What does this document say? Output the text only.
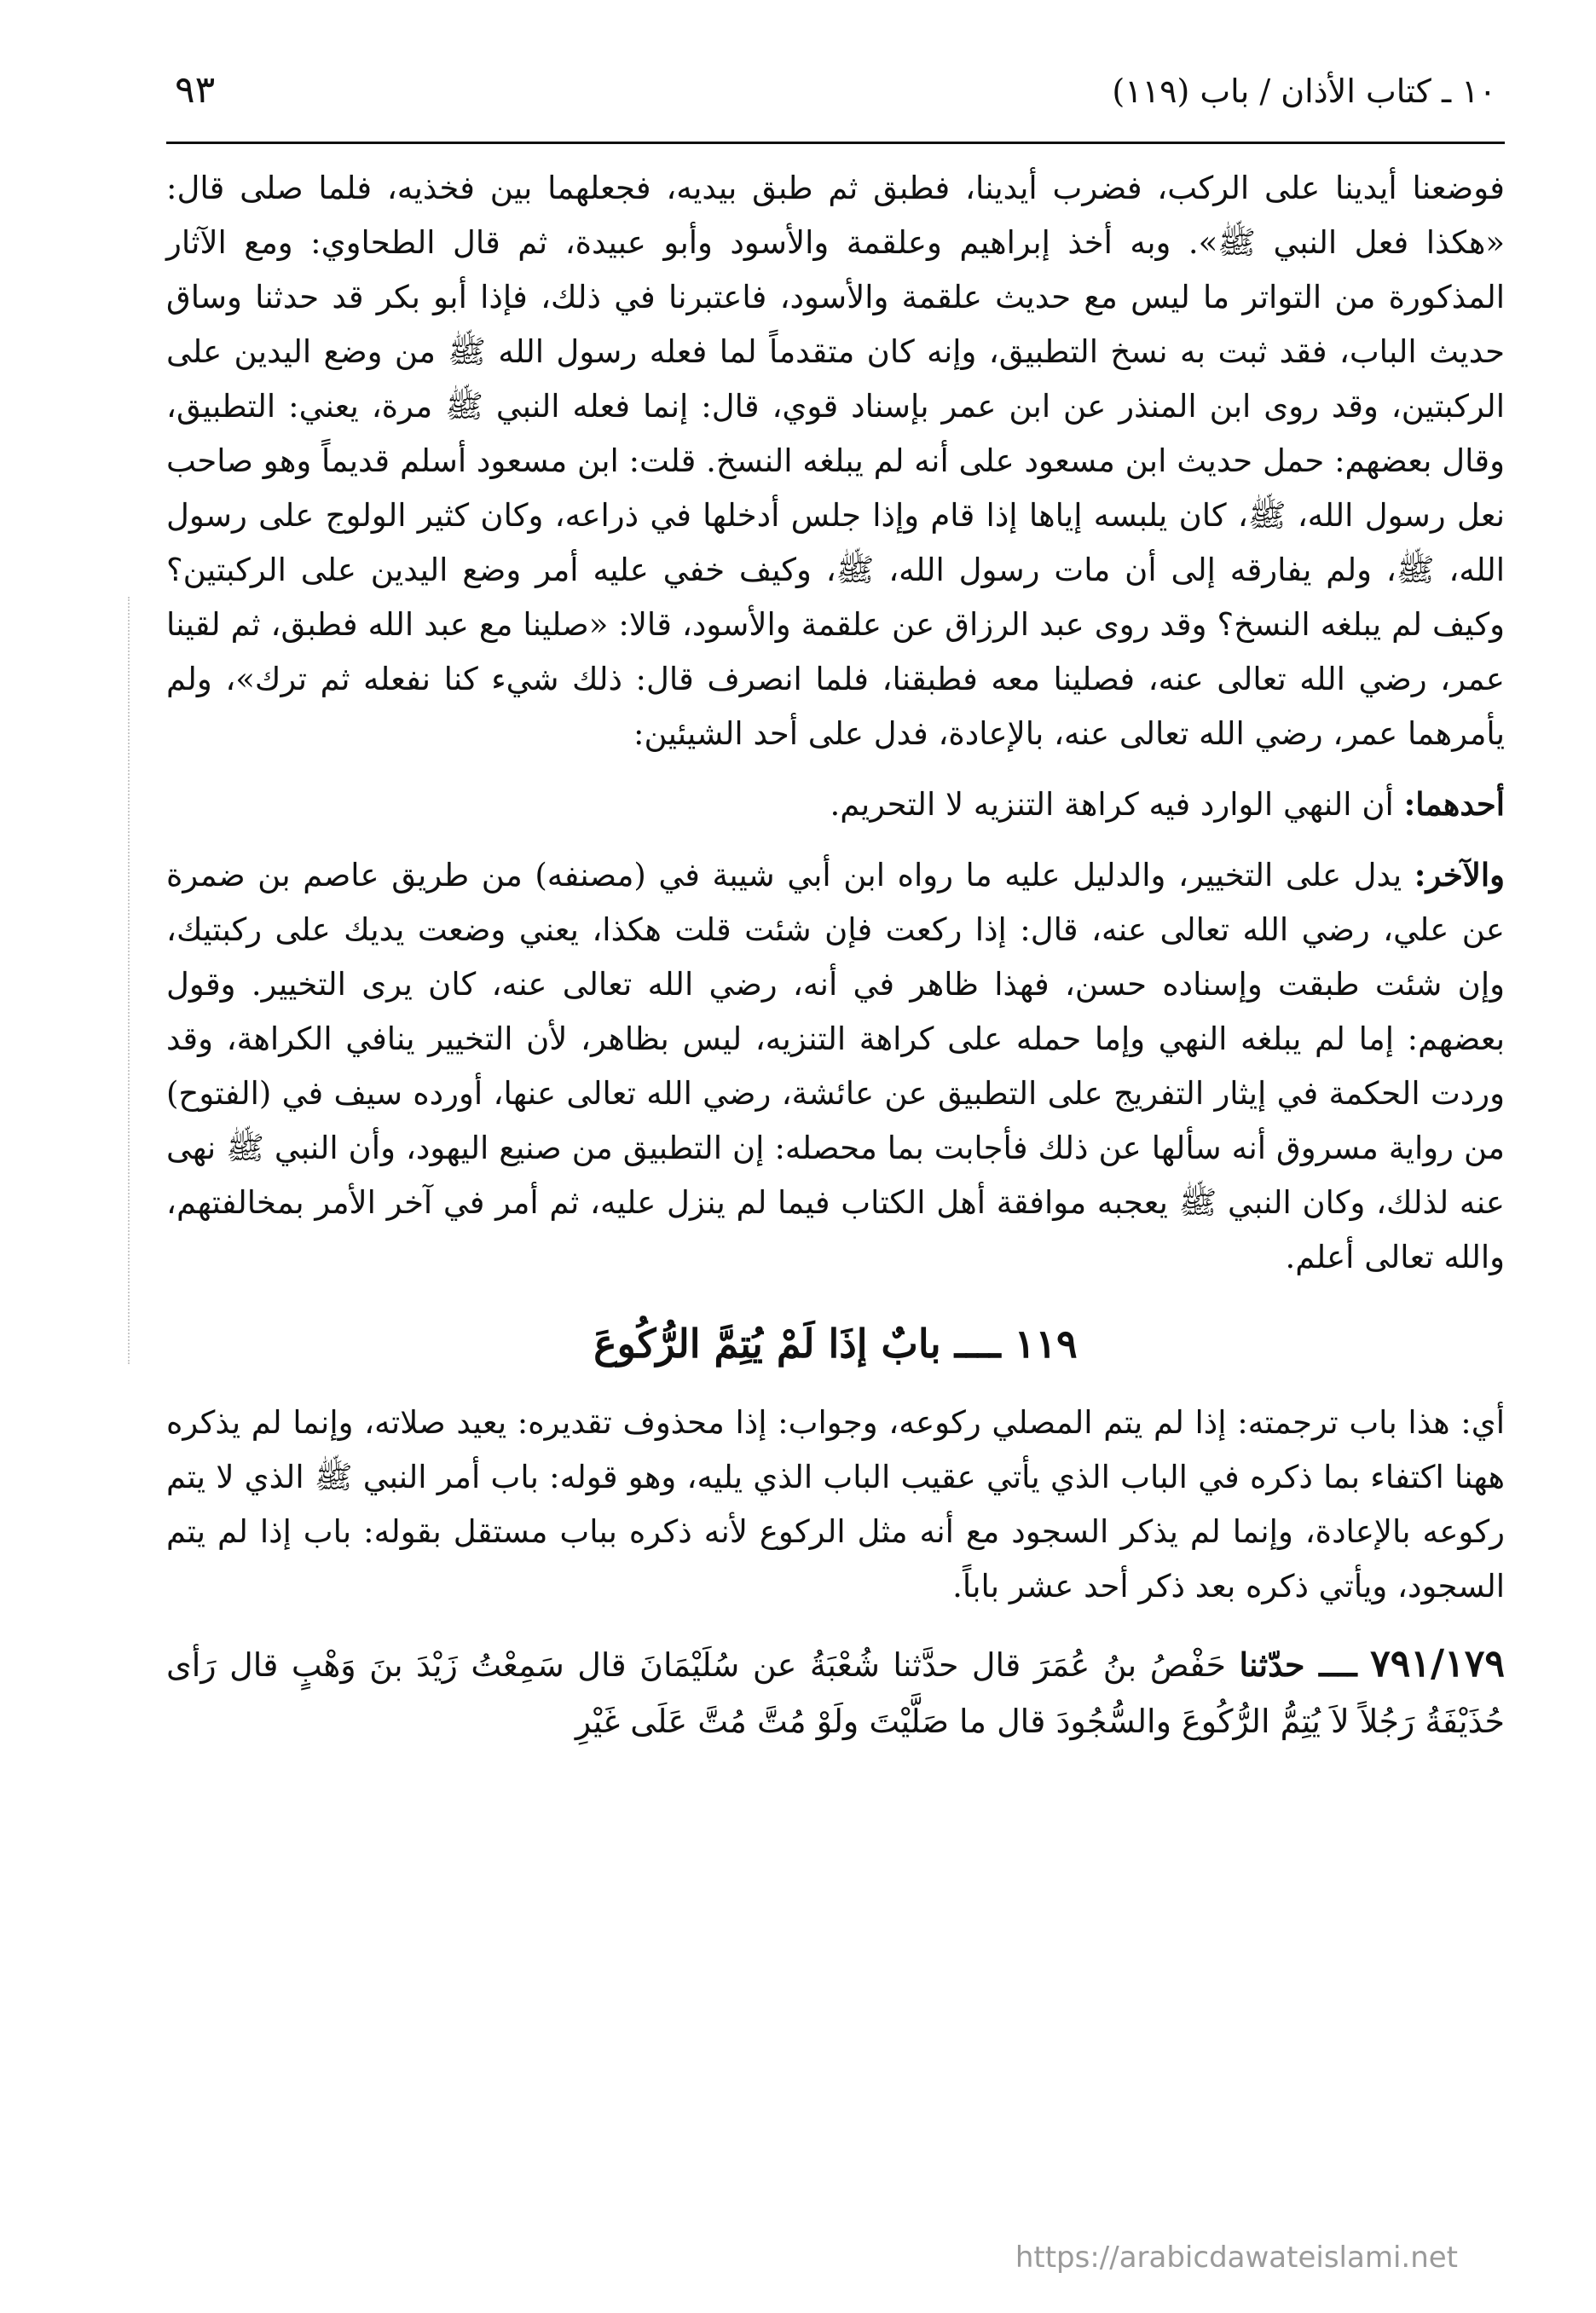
١٠ ـ كتاب الأذان / باب (١١٩)
٩٣

فوضعنا أيدينا على الركب، فضرب أيدينا، فطبق ثم طبق بيديه، فجعلهما بين فخذيه، فلما صلى قال: «هكذا فعل النبي ﷺ». وبه أخذ إبراهيم وعلقمة والأسود وأبو عبيدة، ثم قال الطحاوي: ومع الآثار المذكورة من التواتر ما ليس مع حديث علقمة والأسود، فاعتبرنا في ذلك، فإذا أبو بكر قد حدثنا وساق حديث الباب، فقد ثبت به نسخ التطبيق، وإنه كان متقدماً لما فعله رسول الله ﷺ من وضع اليدين على الركبتين، وقد روى ابن المنذر عن ابن عمر بإسناد قوي، قال: إنما فعله النبي ﷺ مرة، يعني: التطبيق، وقال بعضهم: حمل حديث ابن مسعود على أنه لم يبلغه النسخ. قلت: ابن مسعود أسلم قديماً وهو صاحب نعل رسول الله، ﷺ، كان يلبسه إياها إذا قام وإذا جلس أدخلها في ذراعه، وكان كثير الولوج على رسول الله، ﷺ، ولم يفارقه إلى أن مات رسول الله، ﷺ، وكيف خفي عليه أمر وضع اليدين على الركبتين؟ وكيف لم يبلغه النسخ؟ وقد روى عبد الرزاق عن علقمة والأسود، قالا: «صلينا مع عبد الله فطبق، ثم لقينا عمر، رضي الله تعالى عنه، فصلينا معه فطبقنا، فلما انصرف قال: ذلك شيء كنا نفعله ثم ترك»، ولم يأمرهما عمر، رضي الله تعالى عنه، بالإعادة، فدل على أحد الشيئين:

أحدهما: أن النهي الوارد فيه كراهة التنزيه لا التحريم.

والآخر: يدل على التخيير، والدليل عليه ما رواه ابن أبي شيبة في (مصنفه) من طريق عاصم بن ضمرة عن علي، رضي الله تعالى عنه، قال: إذا ركعت فإن شئت قلت هكذا، يعني وضعت يديك على ركبتيك، وإن شئت طبقت وإسناده حسن، فهذا ظاهر في أنه، رضي الله تعالى عنه، كان يرى التخيير. وقول بعضهم: إما لم يبلغه النهي وإما حمله على كراهة التنزيه، ليس بظاهر، لأن التخيير ينافي الكراهة، وقد وردت الحكمة في إيثار التفريج على التطبيق عن عائشة، رضي الله تعالى عنها، أورده سيف في (الفتوح) من رواية مسروق أنه سألها عن ذلك فأجابت بما محصله: إن التطبيق من صنيع اليهود، وأن النبي ﷺ نهى عنه لذلك، وكان النبي ﷺ يعجبه موافقة أهل الكتاب فيما لم ينزل عليه، ثم أمر في آخر الأمر بمخالفتهم، والله تعالى أعلم.

١١٩ ــــ بابٌ إذَا لَمْ يُتِمَّ الرُّكُوعَ

أي: هذا باب ترجمته: إذا لم يتم المصلي ركوعه، وجواب: إذا محذوف تقديره: يعيد صلاته، وإنما لم يذكره ههنا اكتفاء بما ذكره في الباب الذي يأتي عقيب الباب الذي يليه، وهو قوله: باب أمر النبي ﷺ الذي لا يتم ركوعه بالإعادة، وإنما لم يذكر السجود مع أنه مثل الركوع لأنه ذكره بباب مستقل بقوله: باب إذا لم يتم السجود، ويأتي ذكره بعد ذكر أحد عشر باباً.

٧٩١/١٧٩ ــــ حدّثنا حَفْصُ بنُ عُمَرَ قال حدَّثنا شُعْبَةُ عن سُلَيْمَانَ قال سَمِعْتُ زَيْدَ بنَ وَهْبٍ قال رَأى حُذَيْفَةُ رَجُلاً لاَ يُتِمُّ الرُّكُوعَ والسُّجُودَ قال ما صَلَّيْتَ ولَوْ مُتَّ مُتَّ عَلَى غَيْرِ

https://arabicdawateislami.net
